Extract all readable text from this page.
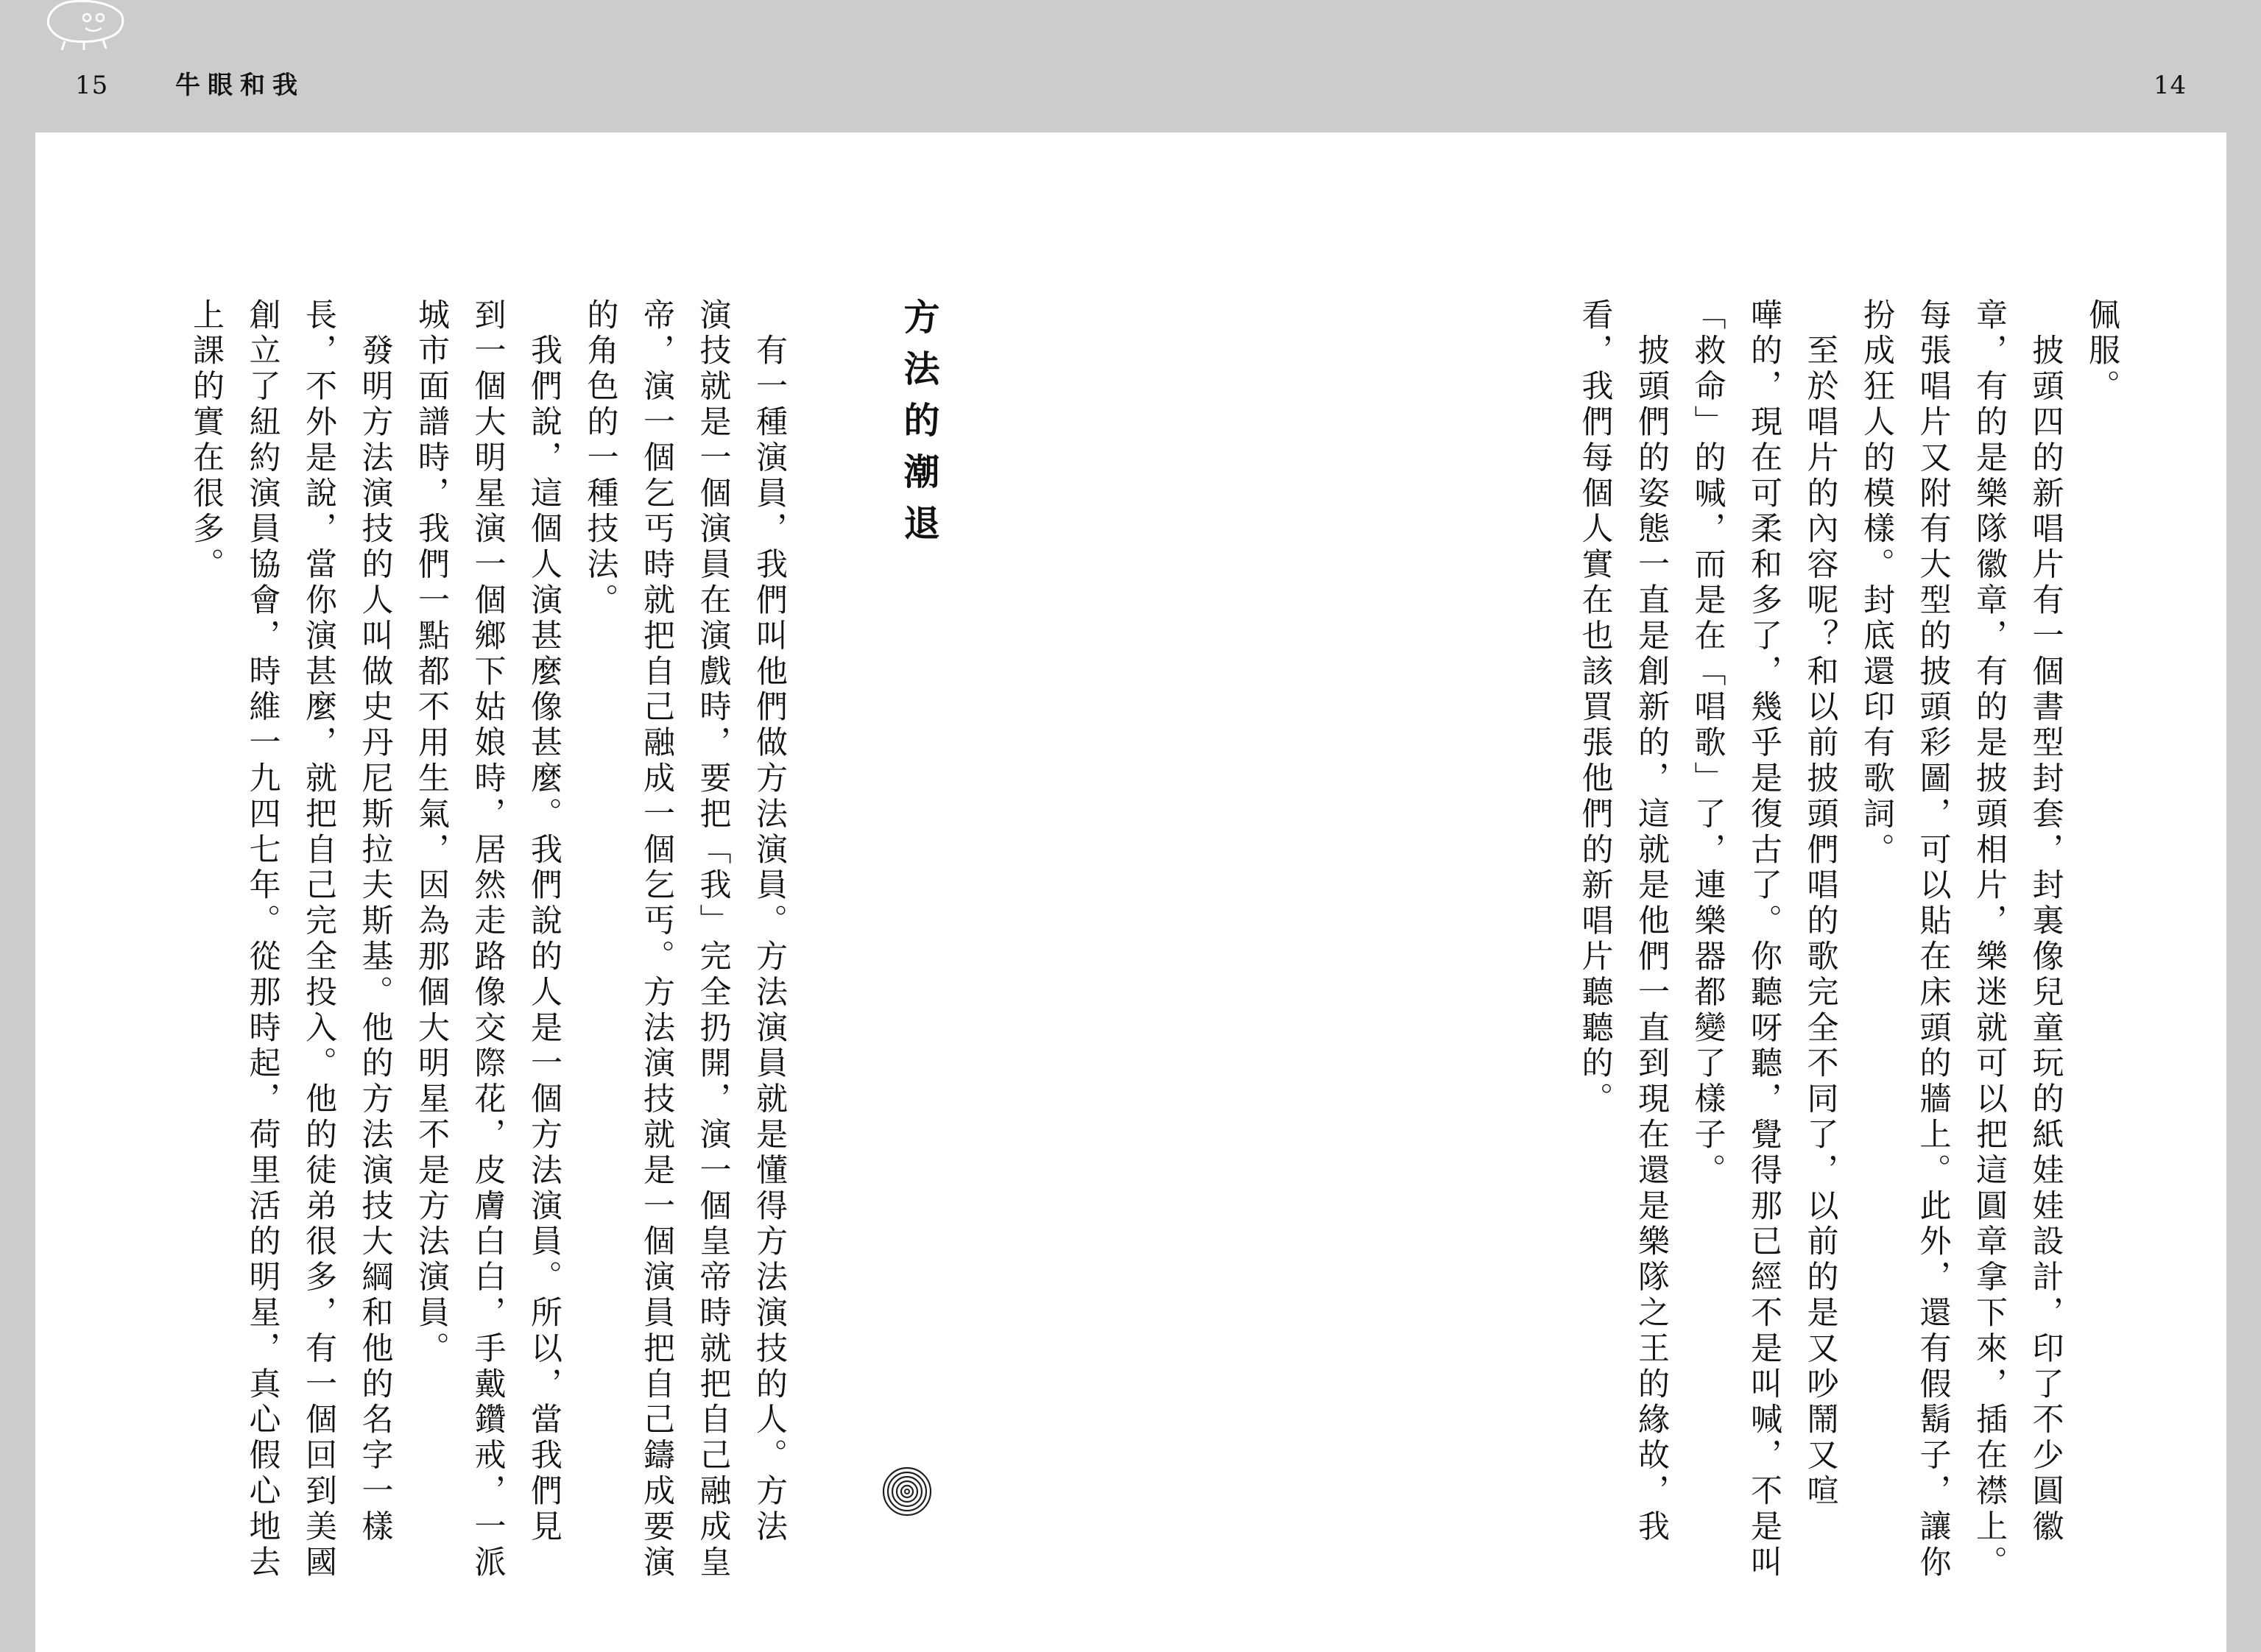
15	牛眼和我	14

佩服。

　披頭四的新唱片有一個書型封套，封裏像兒童玩的紙娃娃設計，印了不少圓徽

章，有的是樂隊徽章，有的是披頭相片，樂迷就可以把這圓章拿下來，插在襟上。

每張唱片又附有大型的披頭彩圖，可以貼在床頭的牆上。此外，還有假鬍子，讓你

扮成狂人的模樣。封底還印有歌詞。

　至於唱片的內容呢？和以前披頭們唱的歌完全不同了，以前的是又吵鬧又喧

嘩的，現在可柔和多了，幾乎是復古了。你聽呀聽，覺得那已經不是叫喊，不是叫

「救命」的喊，而是在「唱歌」了，連樂器都變了樣子。

　披頭們的姿態一直是創新的，這就是他們一直到現在還是樂隊之王的緣故，我

看，我們每個人實在也該買張他們的新唱片聽聽的。

方法的潮退

　有一種演員，我們叫他們做方法演員。方法演員就是懂得方法演技的人。方法

演技就是一個演員在演戲時，要把「我」完全扔開，演一個皇帝時就把自己融成皇

帝，演一個乞丐時就把自己融成一個乞丐。方法演技就是一個演員把自己鑄成要演

的角色的一種技法。

　我們說，這個人演甚麼像甚麼。我們說的人是一個方法演員。所以，當我們見

到一個大明星演一個鄉下姑娘時，居然走路像交際花，皮膚白白，手戴鑽戒，一派

城市面譜時，我們一點都不用生氣，因為那個大明星不是方法演員。

　發明方法演技的人叫做史丹尼斯拉夫斯基。他的方法演技大綱和他的名字一樣

長，不外是說，當你演甚麼，就把自己完全投入。他的徒弟很多，有一個回到美國

創立了紐約演員協會，時維一九四七年。從那時起，荷里活的明星，真心假心地去

上課的實在很多。
